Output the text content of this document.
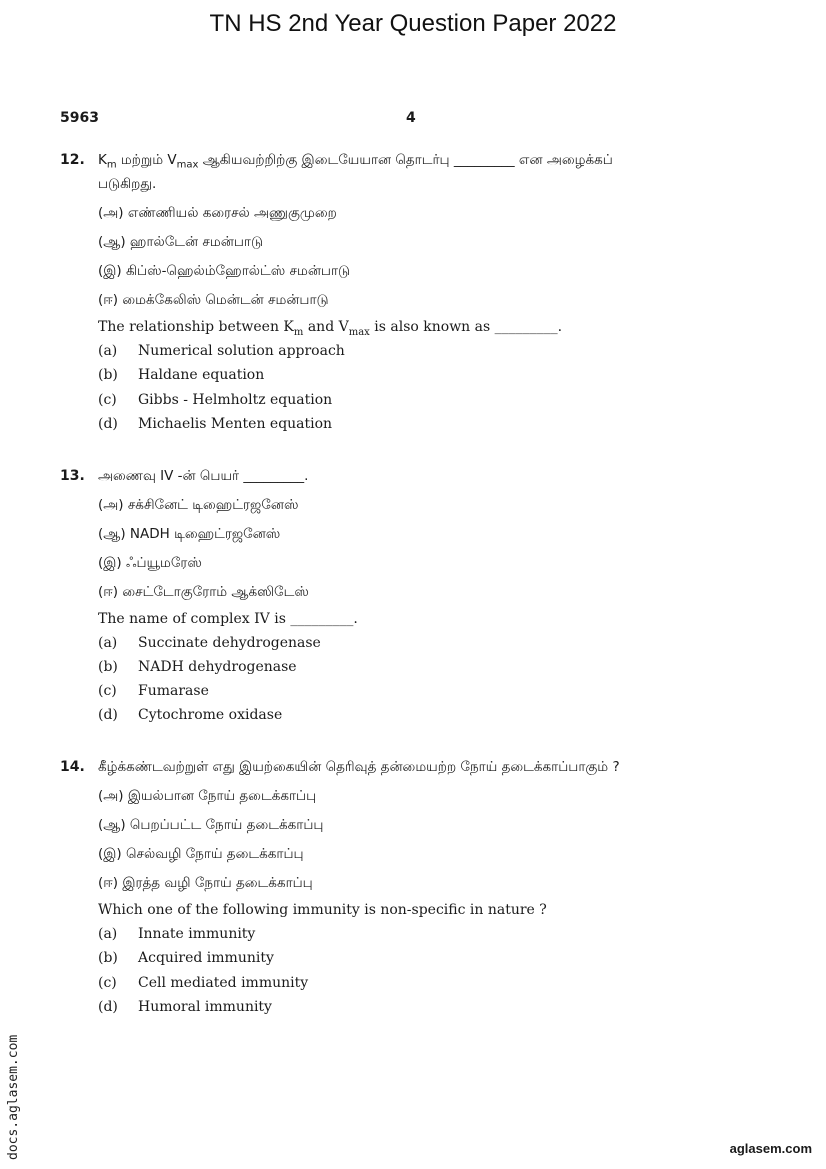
TN HS 2nd Year Question Paper 2022
5963	4
12. $K_m$ மற்றும் $V_{max}$ ஆகியவற்றிற்கு இடையேயான தொடர்பு _________ என அழைக்கப்
படுகிறது.
(அ) எண்ணியல் கரைசல் அணுகுமுறை
(ஆ) ஹால்டேன் சமன்பாடு
(இ) கிப்ஸ்-ஹெல்ம்ஹோல்ட்ஸ் சமன்பாடு
(ஈ) மைக்கேலிஸ் மென்டன் சமன்பாடு
The relationship between $K_m$ and $V_{max}$ is also known as _________.
(a) Numerical solution approach
(b) Haldane equation
(c) Gibbs - Helmholtz equation
(d) Michaelis Menten equation
13. அணைவு IV -ன் பெயர் _________.
(அ) சக்சினேட் டிஹைட்ரஜனேஸ்
(ஆ) NADH டிஹைட்ரஜனேஸ்
(இ) ஃப்யூமரேஸ்
(ஈ) சைட்டோகுரோம் ஆக்ஸிடேஸ்
The name of complex IV is _________.
(a) Succinate dehydrogenase
(b) NADH dehydrogenase
(c) Fumarase
(d) Cytochrome oxidase
14. கீழ்க்கண்டவற்றுள் எது இயற்கையின் தெரிவுத் தன்மையற்ற நோய் தடைக்காப்பாகும் ?
(அ) இயல்பான நோய் தடைக்காப்பு
(ஆ) பெறப்பட்ட நோய் தடைக்காப்பு
(இ) செல்வழி நோய் தடைக்காப்பு
(ஈ) இரத்த வழி நோய் தடைக்காப்பு
Which one of the following immunity is non-specific in nature ?
(a) Innate immunity
(b) Acquired immunity
(c) Cell mediated immunity
(d) Humoral immunity
docs.aglasem.com	aglasem.com
